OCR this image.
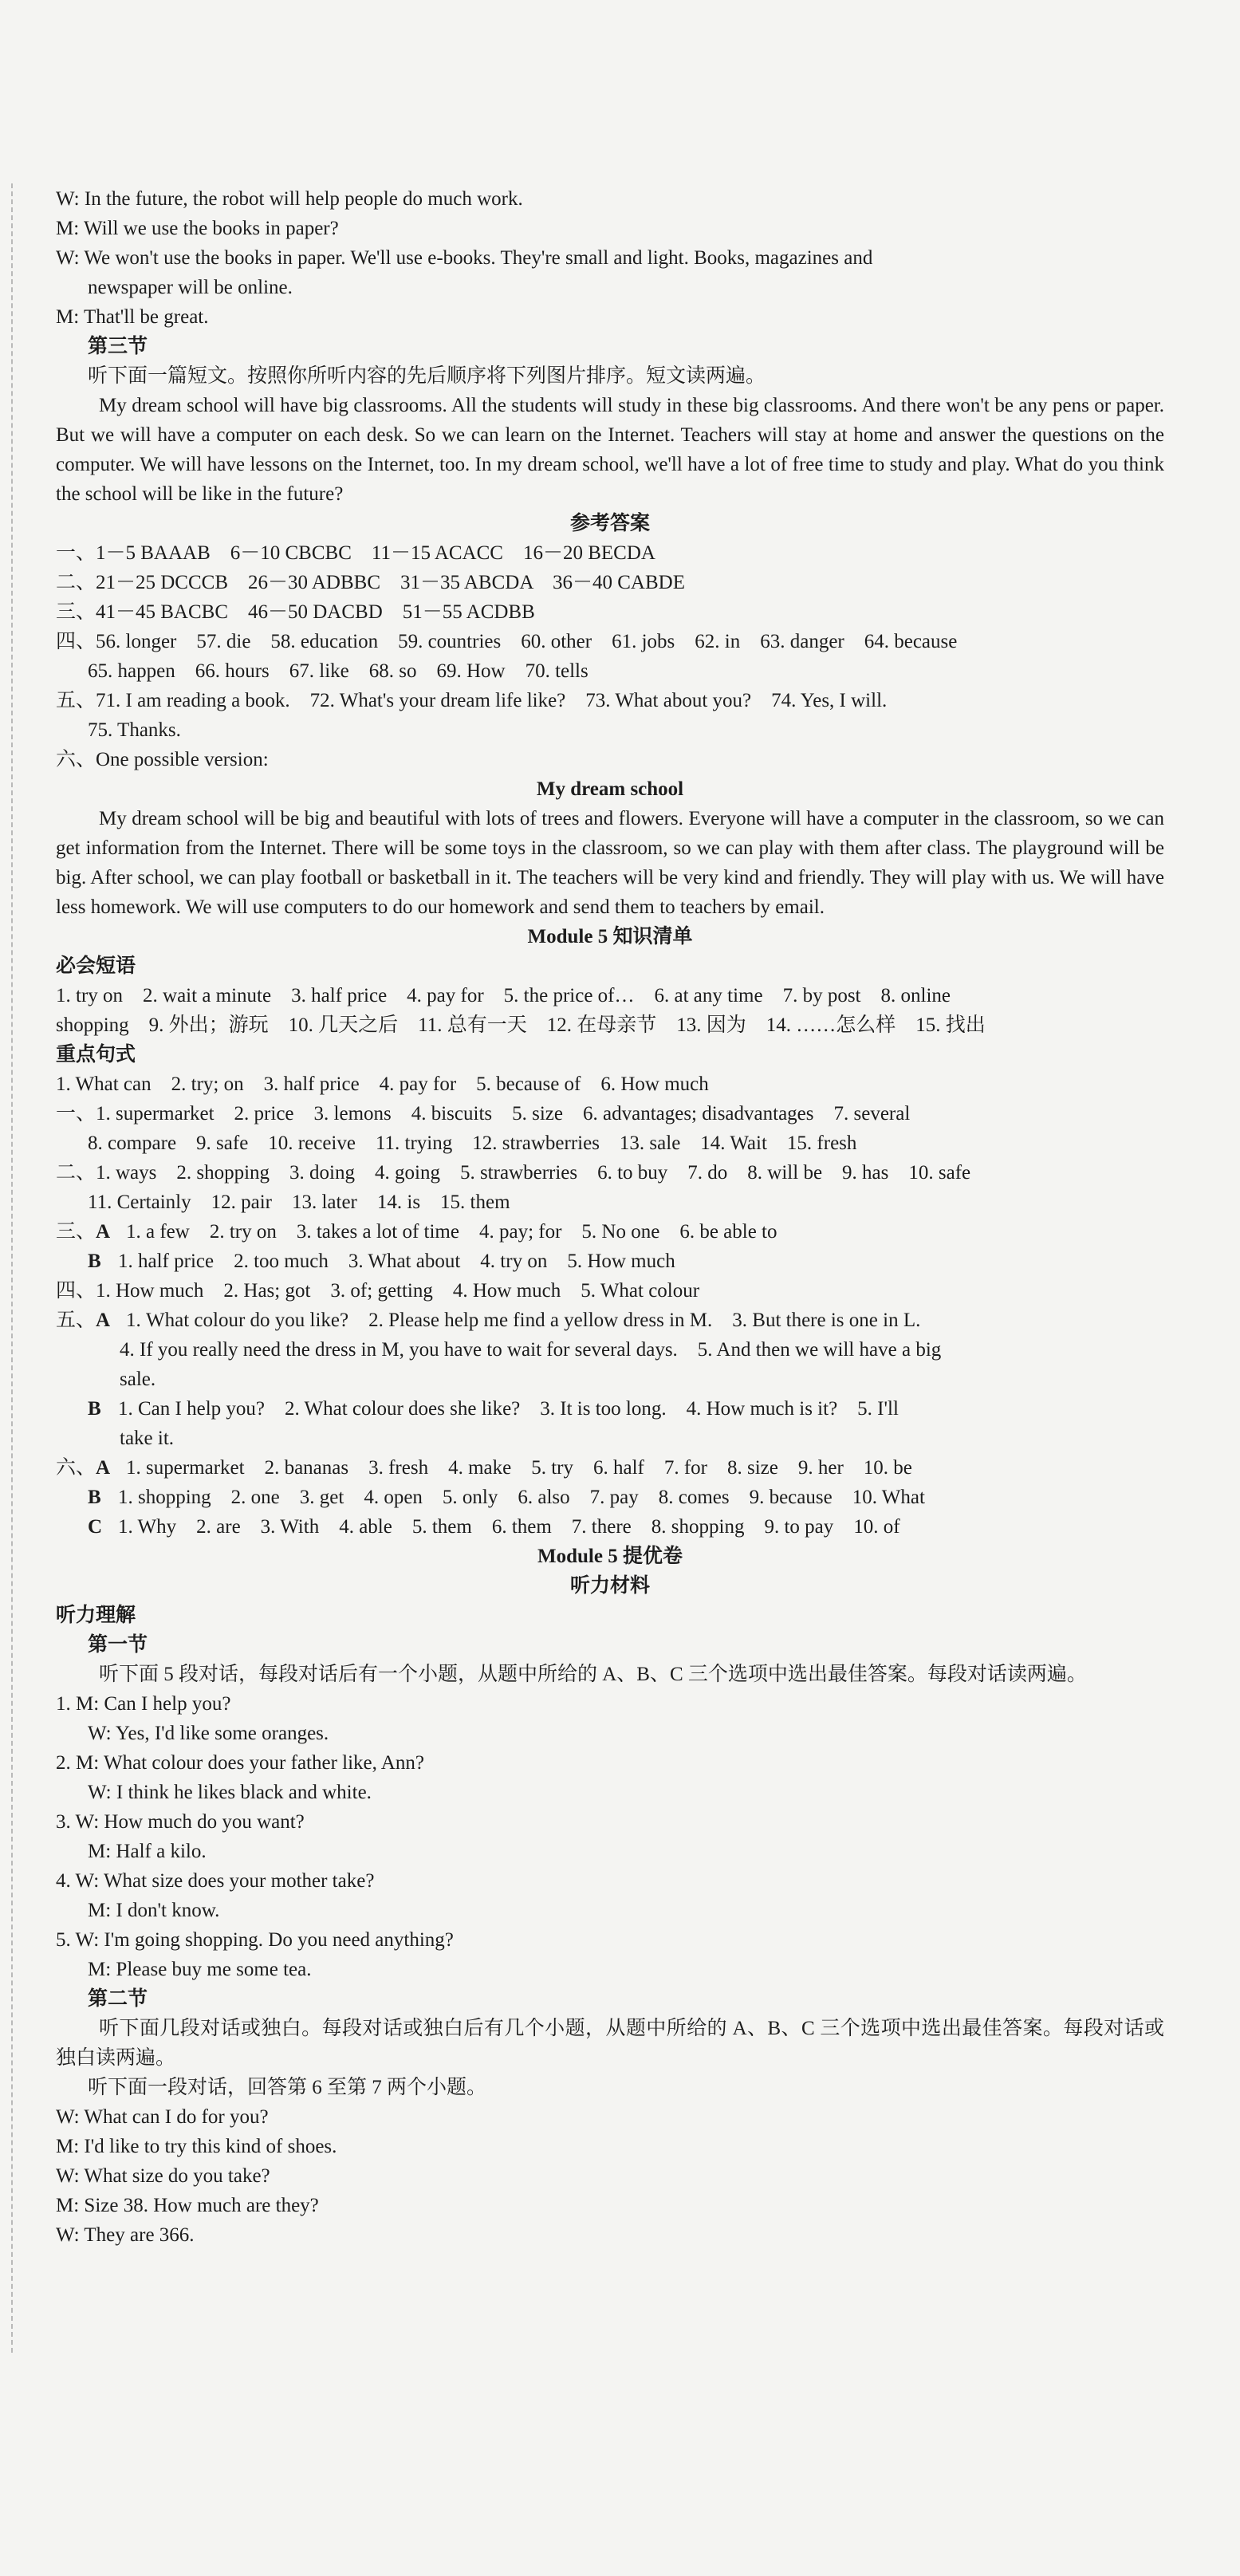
W: In the future, the robot will help people do much work.

M: Will we use the books in paper?

W: We won't use the books in paper. We'll use e-books. They're small and light. Books, magazines and

newspaper will be online.

M: That'll be great.

第三节

听下面一篇短文。按照你所听内容的先后顺序将下列图片排序。短文读两遍。

My dream school will have big classrooms. All the students will study in these big classrooms. And there won't be any pens or paper. But we will have a computer on each desk. So we can learn on the Internet. Teachers will stay at home and answer the questions on the computer. We will have lessons on the Internet, too. In my dream school, we'll have a lot of free time to study and play. What do you think the school will be like in the future?

参考答案

一、1－5 BAAAB　6－10 CBCBC　11－15 ACACC　16－20 BECDA

二、21－25 DCCCB　26－30 ADBBC　31－35 ABCDA　36－40 CABDE

三、41－45 BACBC　46－50 DACBD　51－55 ACDBB

四、56. longer　57. die　58. education　59. countries　60. other　61. jobs　62. in　63. danger　64. because

65. happen　66. hours　67. like　68. so　69. How　70. tells

五、71. I am reading a book.　72. What's your dream life like?　73. What about you?　74. Yes, I will.

75. Thanks.

六、One possible version:

My dream school

My dream school will be big and beautiful with lots of trees and flowers. Everyone will have a computer in the classroom, so we can get information from the Internet. There will be some toys in the classroom, so we can play with them after class. The playground will be big. After school, we can play football or basketball in it. The teachers will be very kind and friendly. They will play with us. We will have less homework. We will use computers to do our homework and send them to teachers by email.

Module 5 知识清单

必会短语

1. try on　2. wait a minute　3. half price　4. pay for　5. the price of…　6. at any time　7. by post　8. online

shopping　9. 外出；游玩　10. 几天之后　11. 总有一天　12. 在母亲节　13. 因为　14. ……怎么样　15. 找出

重点句式

1. What can　2. try; on　3. half price　4. pay for　5. because of　6. How much

一、1. supermarket　2. price　3. lemons　4. biscuits　5. size　6. advantages; disadvantages　7. several

8. compare　9. safe　10. receive　11. trying　12. strawberries　13. sale　14. Wait　15. fresh

二、1. ways　2. shopping　3. doing　4. going　5. strawberries　6. to buy　7. do　8. will be　9. has　10. safe

11. Certainly　12. pair　13. later　14. is　15. them

三、A 1. a few　2. try on　3. takes a lot of time　4. pay; for　5. No one　6. be able to

B 1. half price　2. too much　3. What about　4. try on　5. How much

四、1. How much　2. Has; got　3. of; getting　4. How much　5. What colour

五、A 1. What colour do you like?　2. Please help me find a yellow dress in M.　3. But there is one in L.

4. If you really need the dress in M, you have to wait for several days.　5. And then we will have a big

sale.

B 1. Can I help you?　2. What colour does she like?　3. It is too long.　4. How much is it?　5. I'll

take it.

六、A 1. supermarket　2. bananas　3. fresh　4. make　5. try　6. half　7. for　8. size　9. her　10. be

B 1. shopping　2. one　3. get　4. open　5. only　6. also　7. pay　8. comes　9. because　10. What

C 1. Why　2. are　3. With　4. able　5. them　6. them　7. there　8. shopping　9. to pay　10. of

Module 5 提优卷

听力材料

听力理解

第一节

听下面 5 段对话，每段对话后有一个小题，从题中所给的 A、B、C 三个选项中选出最佳答案。每段对话读两遍。

1. M: Can I help you?

W: Yes, I'd like some oranges.

2. M: What colour does your father like, Ann?

W: I think he likes black and white.

3. W: How much do you want?

M: Half a kilo.

4. W: What size does your mother take?

M: I don't know.

5. W: I'm going shopping. Do you need anything?

M: Please buy me some tea.

第二节

听下面几段对话或独白。每段对话或独白后有几个小题，从题中所给的 A、B、C 三个选项中选出最佳答案。每段对话或独白读两遍。

听下面一段对话，回答第 6 至第 7 两个小题。

W: What can I do for you?

M: I'd like to try this kind of shoes.

W: What size do you take?

M: Size 38. How much are they?

W: They are 366.
